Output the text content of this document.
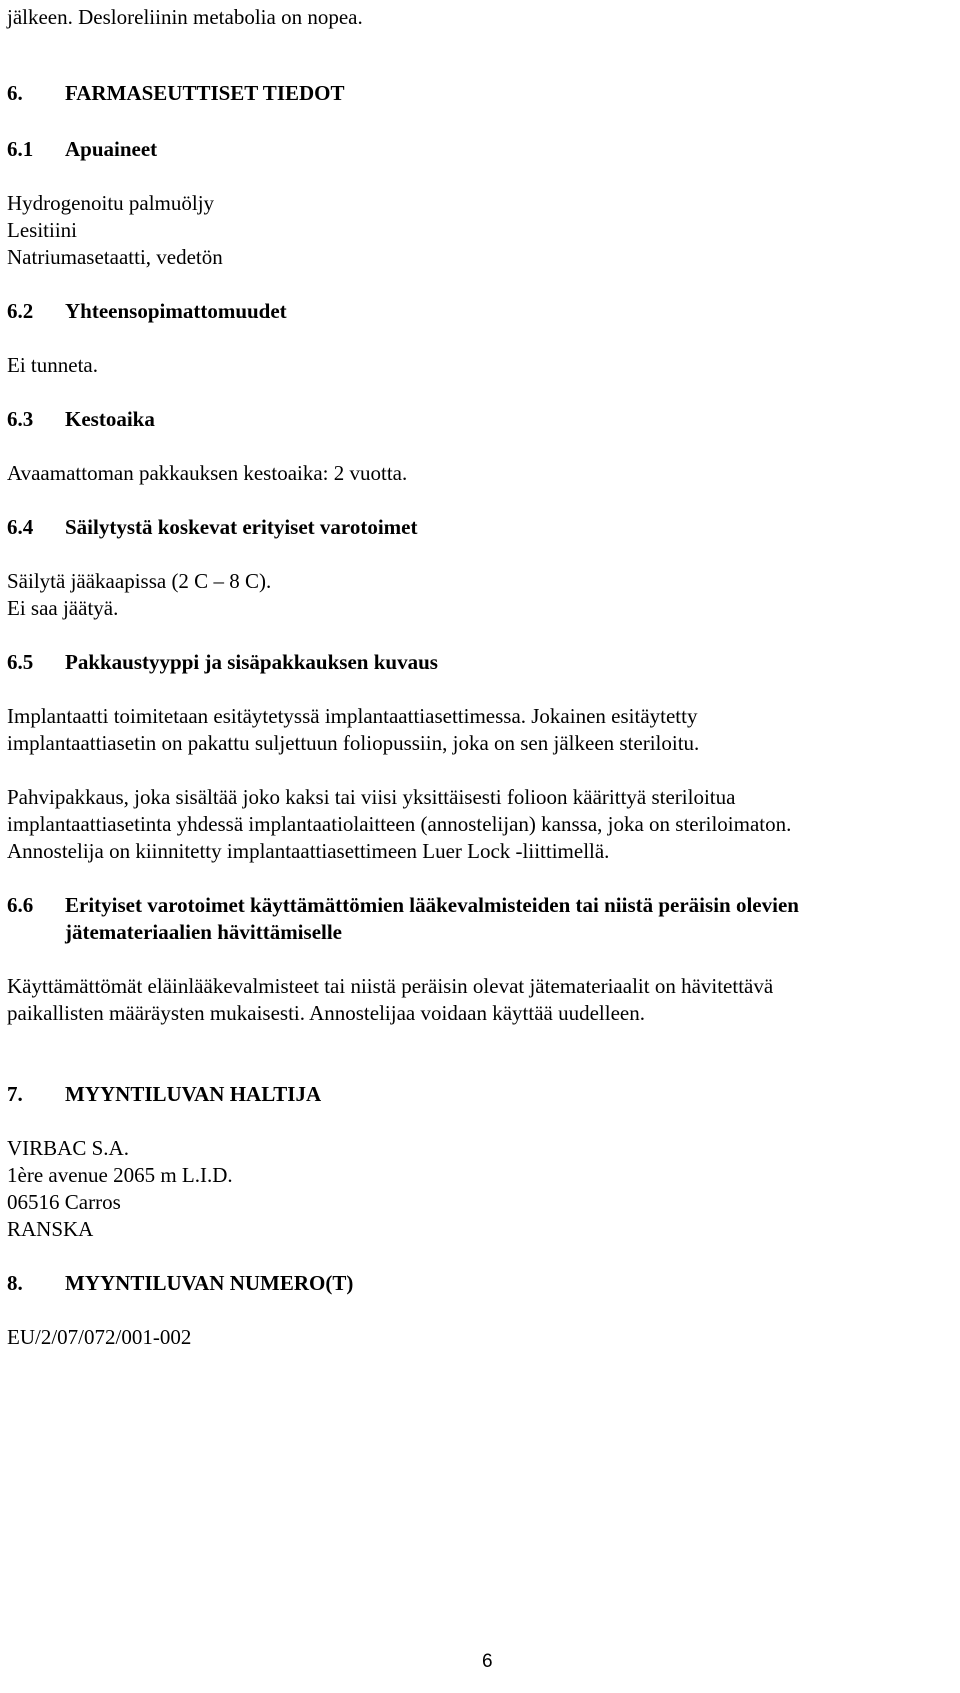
jälkeen. Desloreliinin metabolia on nopea.
6. FARMASEUTTISET TIEDOT
6.1 Apuaineet
Hydrogenoitu palmuöljy
Lesitiini
Natriumasetaatti, vedetön
6.2 Yhteensopimattomuudet
Ei tunneta.
6.3 Kestoaika
Avaamattoman pakkauksen kestoaika: 2 vuotta.
6.4 Säilytystä koskevat erityiset varotoimet
Säilytä jääkaapissa (2 C – 8 C).
Ei saa jäätyä.
6.5 Pakkaustyyppi ja sisäpakkauksen kuvaus
Implantaatti toimitetaan esitäytetyssä implantaattiasettimessa. Jokainen esitäytetty
implantaattiasetin on pakattu suljettuun foliopussiin, joka on sen jälkeen steriloitu.
Pahvipakkaus, joka sisältää joko kaksi tai viisi yksittäisesti folioon käärittyä steriloitua
implantaattiasetinta yhdessä implantaatiolaitteen (annostelijan) kanssa, joka on steriloimaton.
Annostelija on kiinnitetty implantaattiasettimeen Luer Lock -liittimellä.
6.6 Erityiset varotoimet käyttämättömien lääkevalmisteiden tai niistä peräisin olevien
jätemateriaalien hävittämiselle
Käyttämättömät eläinlääkevalmisteet tai niistä peräisin olevat jätemateriaalit on hävitettävä
paikallisten määräysten mukaisesti. Annostelijaa voidaan käyttää uudelleen.
7. MYYNTILUVAN HALTIJA
VIRBAC S.A.
1ère avenue 2065 m L.I.D.
06516 Carros
RANSKA
8. MYYNTILUVAN NUMERO(T)
EU/2/07/072/001-002
6
